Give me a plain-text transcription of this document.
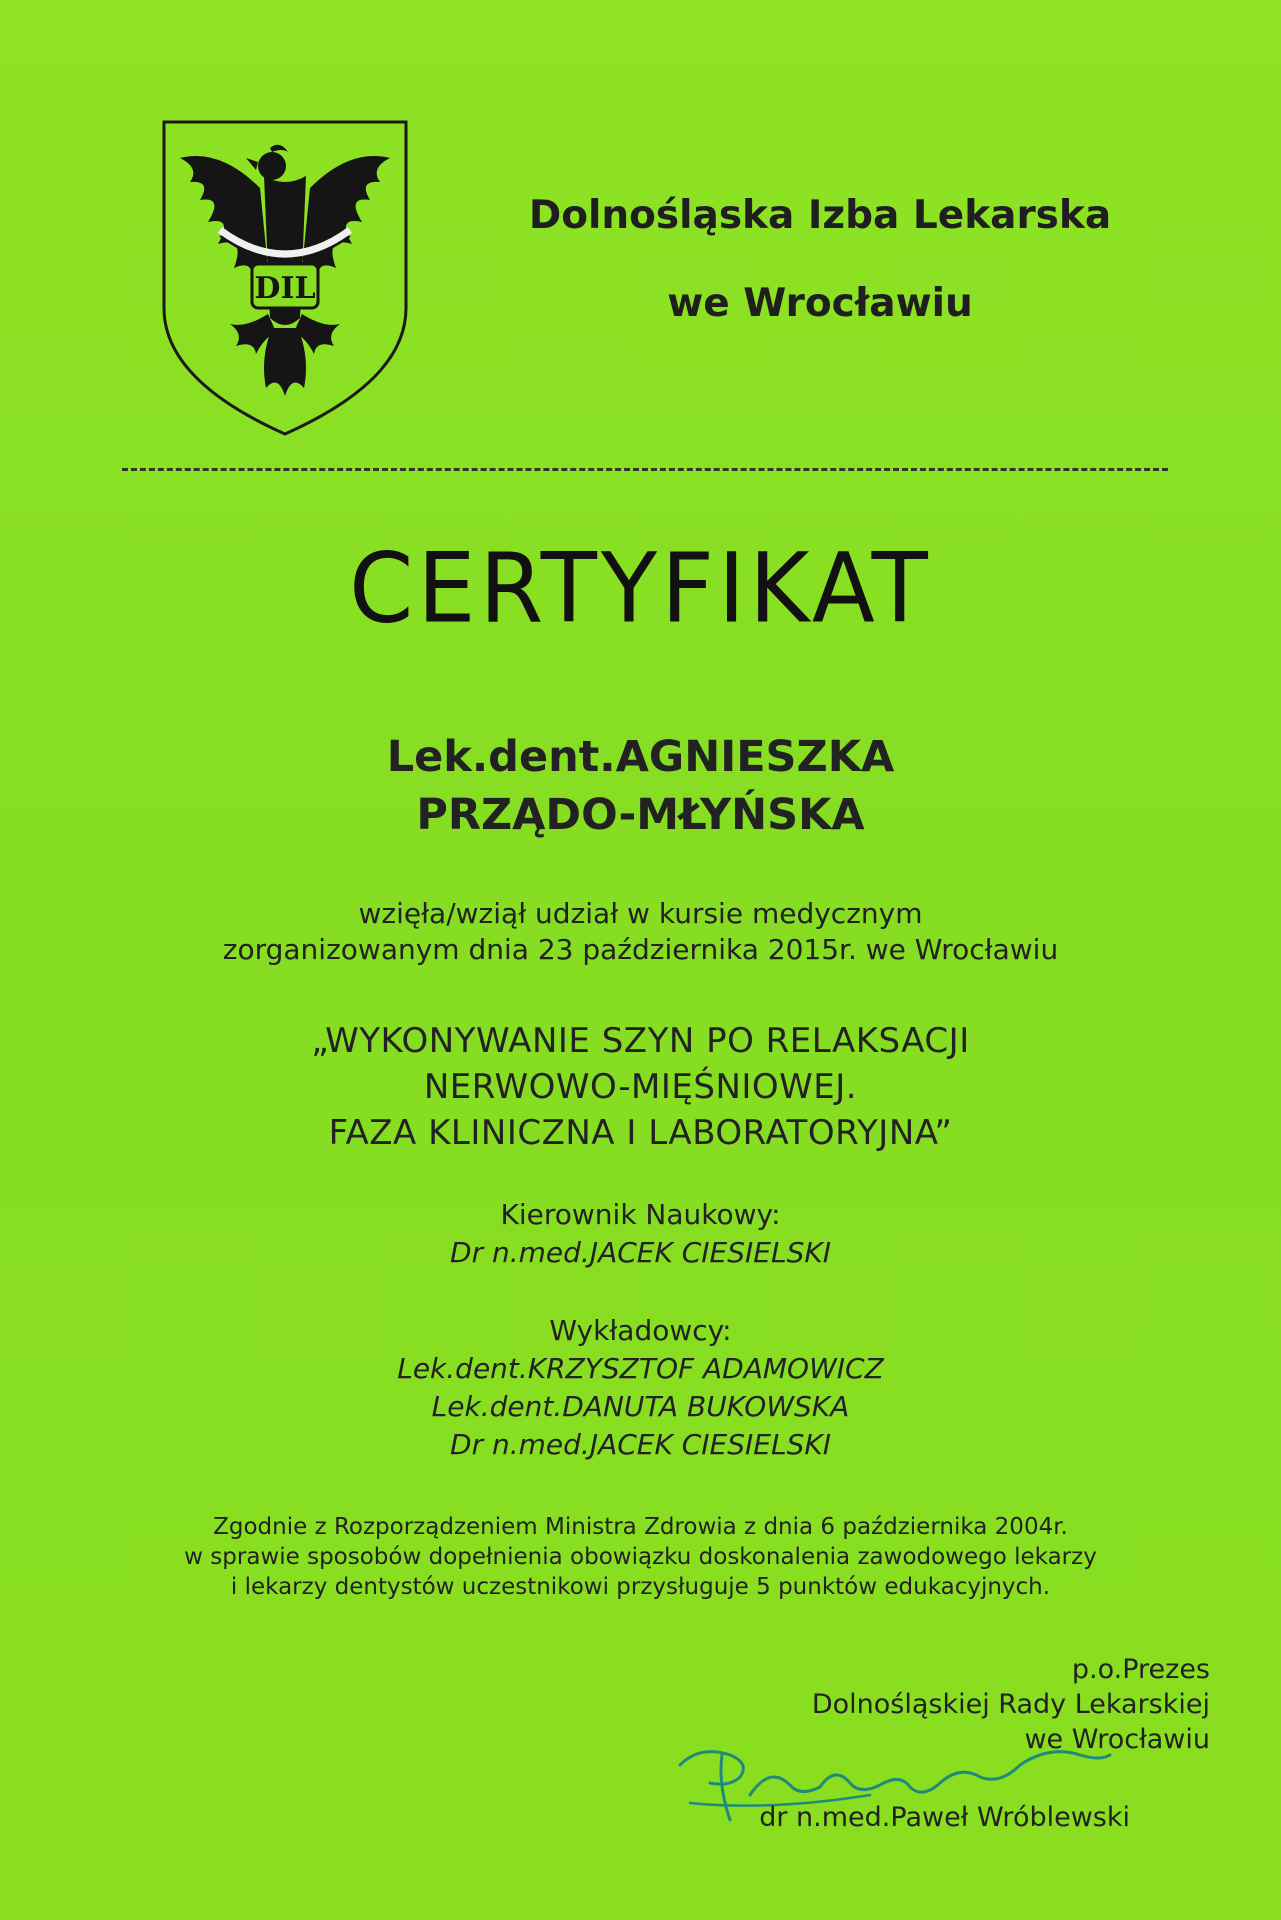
DIL
Dolnośląska Izba Lekarska
we Wrocławiu
CERTYFIKAT
Lek.dent.AGNIESZKA
PRZĄDO-MŁYŃSKA
wzięła/wziął udział w kursie medycznym
zorganizowanym dnia 23 października 2015r. we Wrocławiu
„WYKONYWANIE SZYN PO RELAKSACJI
NERWOWO-MIĘŚNIOWEJ.
FAZA KLINICZNA I LABORATORYJNA”
Kierownik Naukowy:
Dr n.med.JACEK CIESIELSKI
Wykładowcy:
Lek.dent.KRZYSZTOF ADAMOWICZ
Lek.dent.DANUTA BUKOWSKA
Dr n.med.JACEK CIESIELSKI
Zgodnie z Rozporządzeniem Ministra Zdrowia z dnia 6 października 2004r.
w sprawie sposobów dopełnienia obowiązku doskonalenia zawodowego lekarzy
i lekarzy dentystów uczestnikowi przysługuje 5 punktów edukacyjnych.
p.o.Prezes
Dolnośląskiej Rady Lekarskiej
we Wrocławiu
dr n.med.Paweł Wróblewski
